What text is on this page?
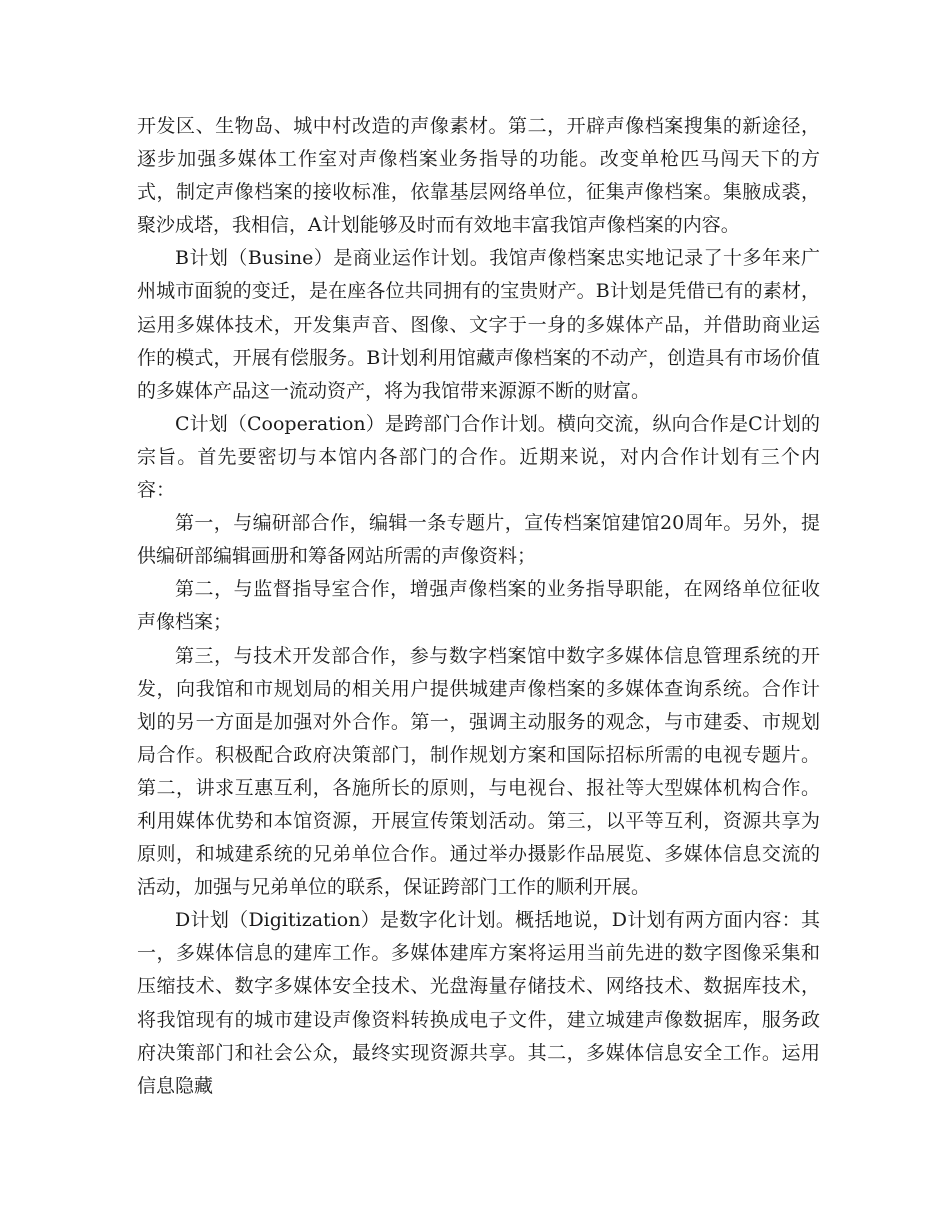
开发区、生物岛、城中村改造的声像素材。第二，开辟声像档案搜集的新途径，逐步加强多媒体工作室对声像档案业务指导的功能。改变单枪匹马闯天下的方式，制定声像档案的接收标准，依靠基层网络单位，征集声像档案。集腋成裘，聚沙成塔，我相信，A计划能够及时而有效地丰富我馆声像档案的内容。

B计划（Busine）是商业运作计划。我馆声像档案忠实地记录了十多年来广州城市面貌的变迁，是在座各位共同拥有的宝贵财产。B计划是凭借已有的素材，运用多媒体技术，开发集声音、图像、文字于一身的多媒体产品，并借助商业运作的模式，开展有偿服务。B计划利用馆藏声像档案的不动产，创造具有市场价值的多媒体产品这一流动资产，将为我馆带来源源不断的财富。

C计划（Cooperation）是跨部门合作计划。横向交流，纵向合作是C计划的宗旨。首先要密切与本馆内各部门的合作。近期来说，对内合作计划有三个内容：

第一，与编研部合作，编辑一条专题片，宣传档案馆建馆20周年。另外，提供编研部编辑画册和筹备网站所需的声像资料；

第二，与监督指导室合作，增强声像档案的业务指导职能，在网络单位征收声像档案；

第三，与技术开发部合作，参与数字档案馆中数字多媒体信息管理系统的开发，向我馆和市规划局的相关用户提供城建声像档案的多媒体查询系统。合作计划的另一方面是加强对外合作。第一，强调主动服务的观念，与市建委、市规划局合作。积极配合政府决策部门，制作规划方案和国际招标所需的电视专题片。第二，讲求互惠互利，各施所长的原则，与电视台、报社等大型媒体机构合作。利用媒体优势和本馆资源，开展宣传策划活动。第三，以平等互利，资源共享为原则，和城建系统的兄弟单位合作。通过举办摄影作品展览、多媒体信息交流的活动，加强与兄弟单位的联系，保证跨部门工作的顺利开展。

D计划（Digitization）是数字化计划。概括地说，D计划有两方面内容：其一，多媒体信息的建库工作。多媒体建库方案将运用当前先进的数字图像采集和压缩技术、数字多媒体安全技术、光盘海量存储技术、网络技术、数据库技术，将我馆现有的城市建设声像资料转换成电子文件，建立城建声像数据库，服务政府决策部门和社会公众，最终实现资源共享。其二，多媒体信息安全工作。运用信息隐藏
